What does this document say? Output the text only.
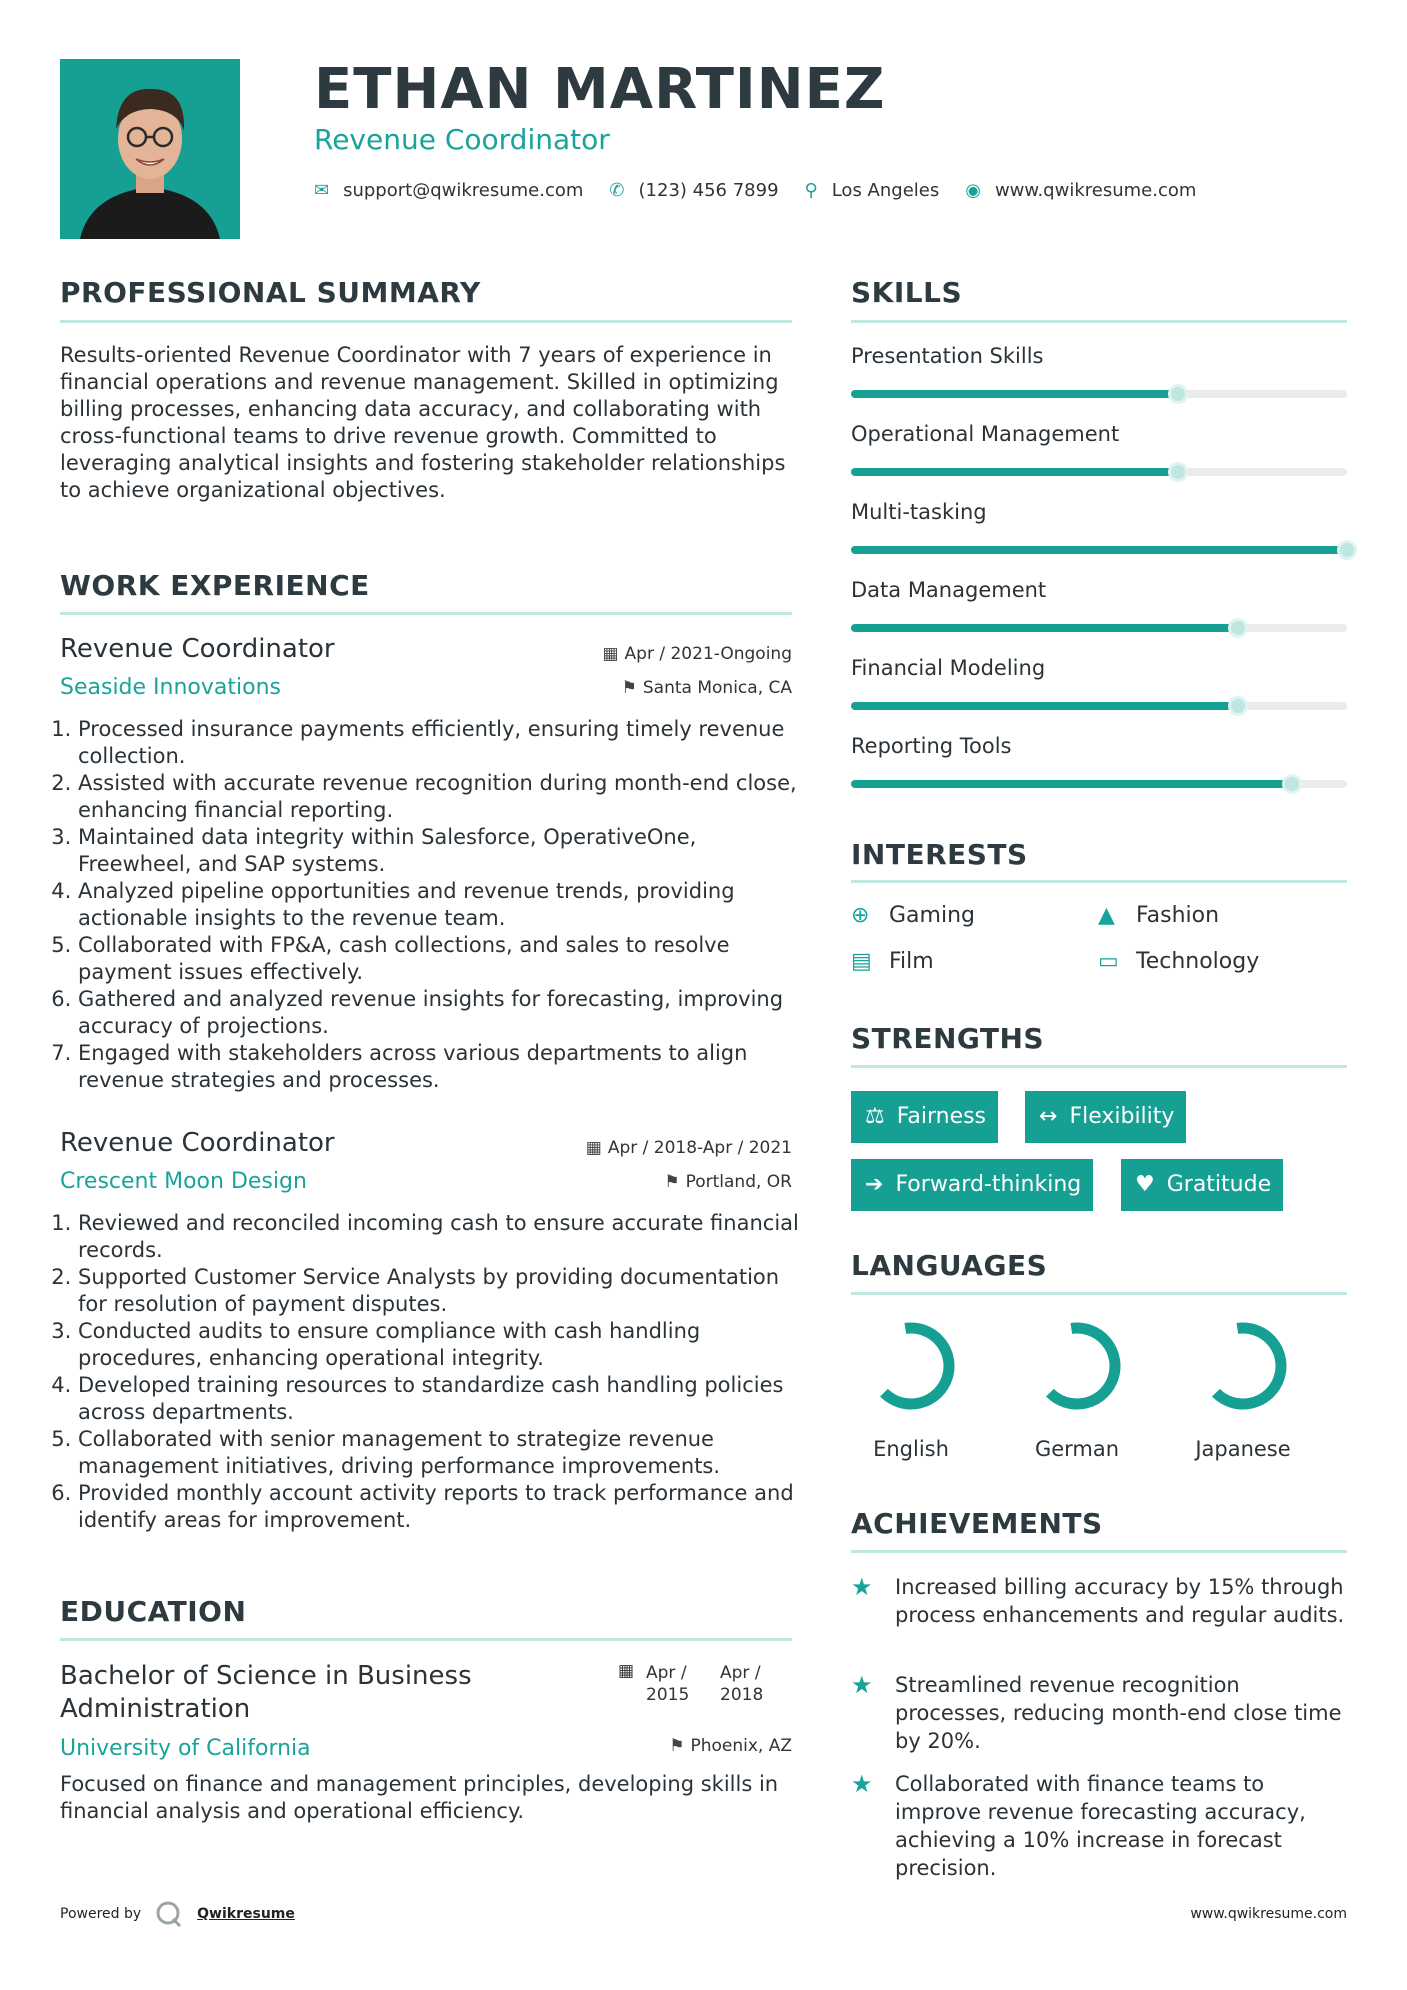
ETHAN MARTINEZ
Revenue Coordinator
✉ support@qwikresume.com ✆ (123) 456 7899 ⚲ Los Angeles ◉ www.qwikresume.com
PROFESSIONAL SUMMARY
Results-oriented Revenue Coordinator with 7 years of experience in financial operations and revenue management. Skilled in optimizing billing processes, enhancing data accuracy, and collaborating with cross-functional teams to drive revenue growth. Committed to leveraging analytical insights and fostering stakeholder relationships to achieve organizational objectives.
WORK EXPERIENCE
Revenue Coordinator	▦ Apr / 2021-Ongoing
Seaside Innovations	⚑ Santa Monica, CA
1. Processed insurance payments efficiently, ensuring timely revenue collection.
2. Assisted with accurate revenue recognition during month-end close, enhancing financial reporting.
3. Maintained data integrity within Salesforce, OperativeOne, Freewheel, and SAP systems.
4. Analyzed pipeline opportunities and revenue trends, providing actionable insights to the revenue team.
5. Collaborated with FP&A, cash collections, and sales to resolve payment issues effectively.
6. Gathered and analyzed revenue insights for forecasting, improving accuracy of projections.
7. Engaged with stakeholders across various departments to align revenue strategies and processes.
Revenue Coordinator	▦ Apr / 2018-Apr / 2021
Crescent Moon Design	⚑ Portland, OR
1. Reviewed and reconciled incoming cash to ensure accurate financial records.
2. Supported Customer Service Analysts by providing documentation for resolution of payment disputes.
3. Conducted audits to ensure compliance with cash handling procedures, enhancing operational integrity.
4. Developed training resources to standardize cash handling policies across departments.
5. Collaborated with senior management to strategize revenue management initiatives, driving performance improvements.
6. Provided monthly account activity reports to track performance and identify areas for improvement.
EDUCATION
Bachelor of Science in Business Administration
▦ Apr / 2015
Apr / 2018
University of California	⚑ Phoenix, AZ
Focused on finance and management principles, developing skills in financial analysis and operational efficiency.
SKILLS
Presentation Skills
Operational Management
Multi-tasking
Data Management
Financial Modeling
Reporting Tools
INTERESTS
⊕ Gaming	▲ Fashion
▤ Film	▭ Technology
STRENGTHS
⚖ Fairness ↔ Flexibility
➔ Forward-thinking ♥ Gratitude
LANGUAGES
English	German	Japanese
ACHIEVEMENTS
★	Increased billing accuracy by 15% through process enhancements and regular audits.
★	Streamlined revenue recognition processes, reducing month-end close time by 20%.
★	Collaborated with finance teams to improve revenue forecasting accuracy, achieving a 10% increase in forecast precision.
Powered by	Qwikresume	www.qwikresume.com
